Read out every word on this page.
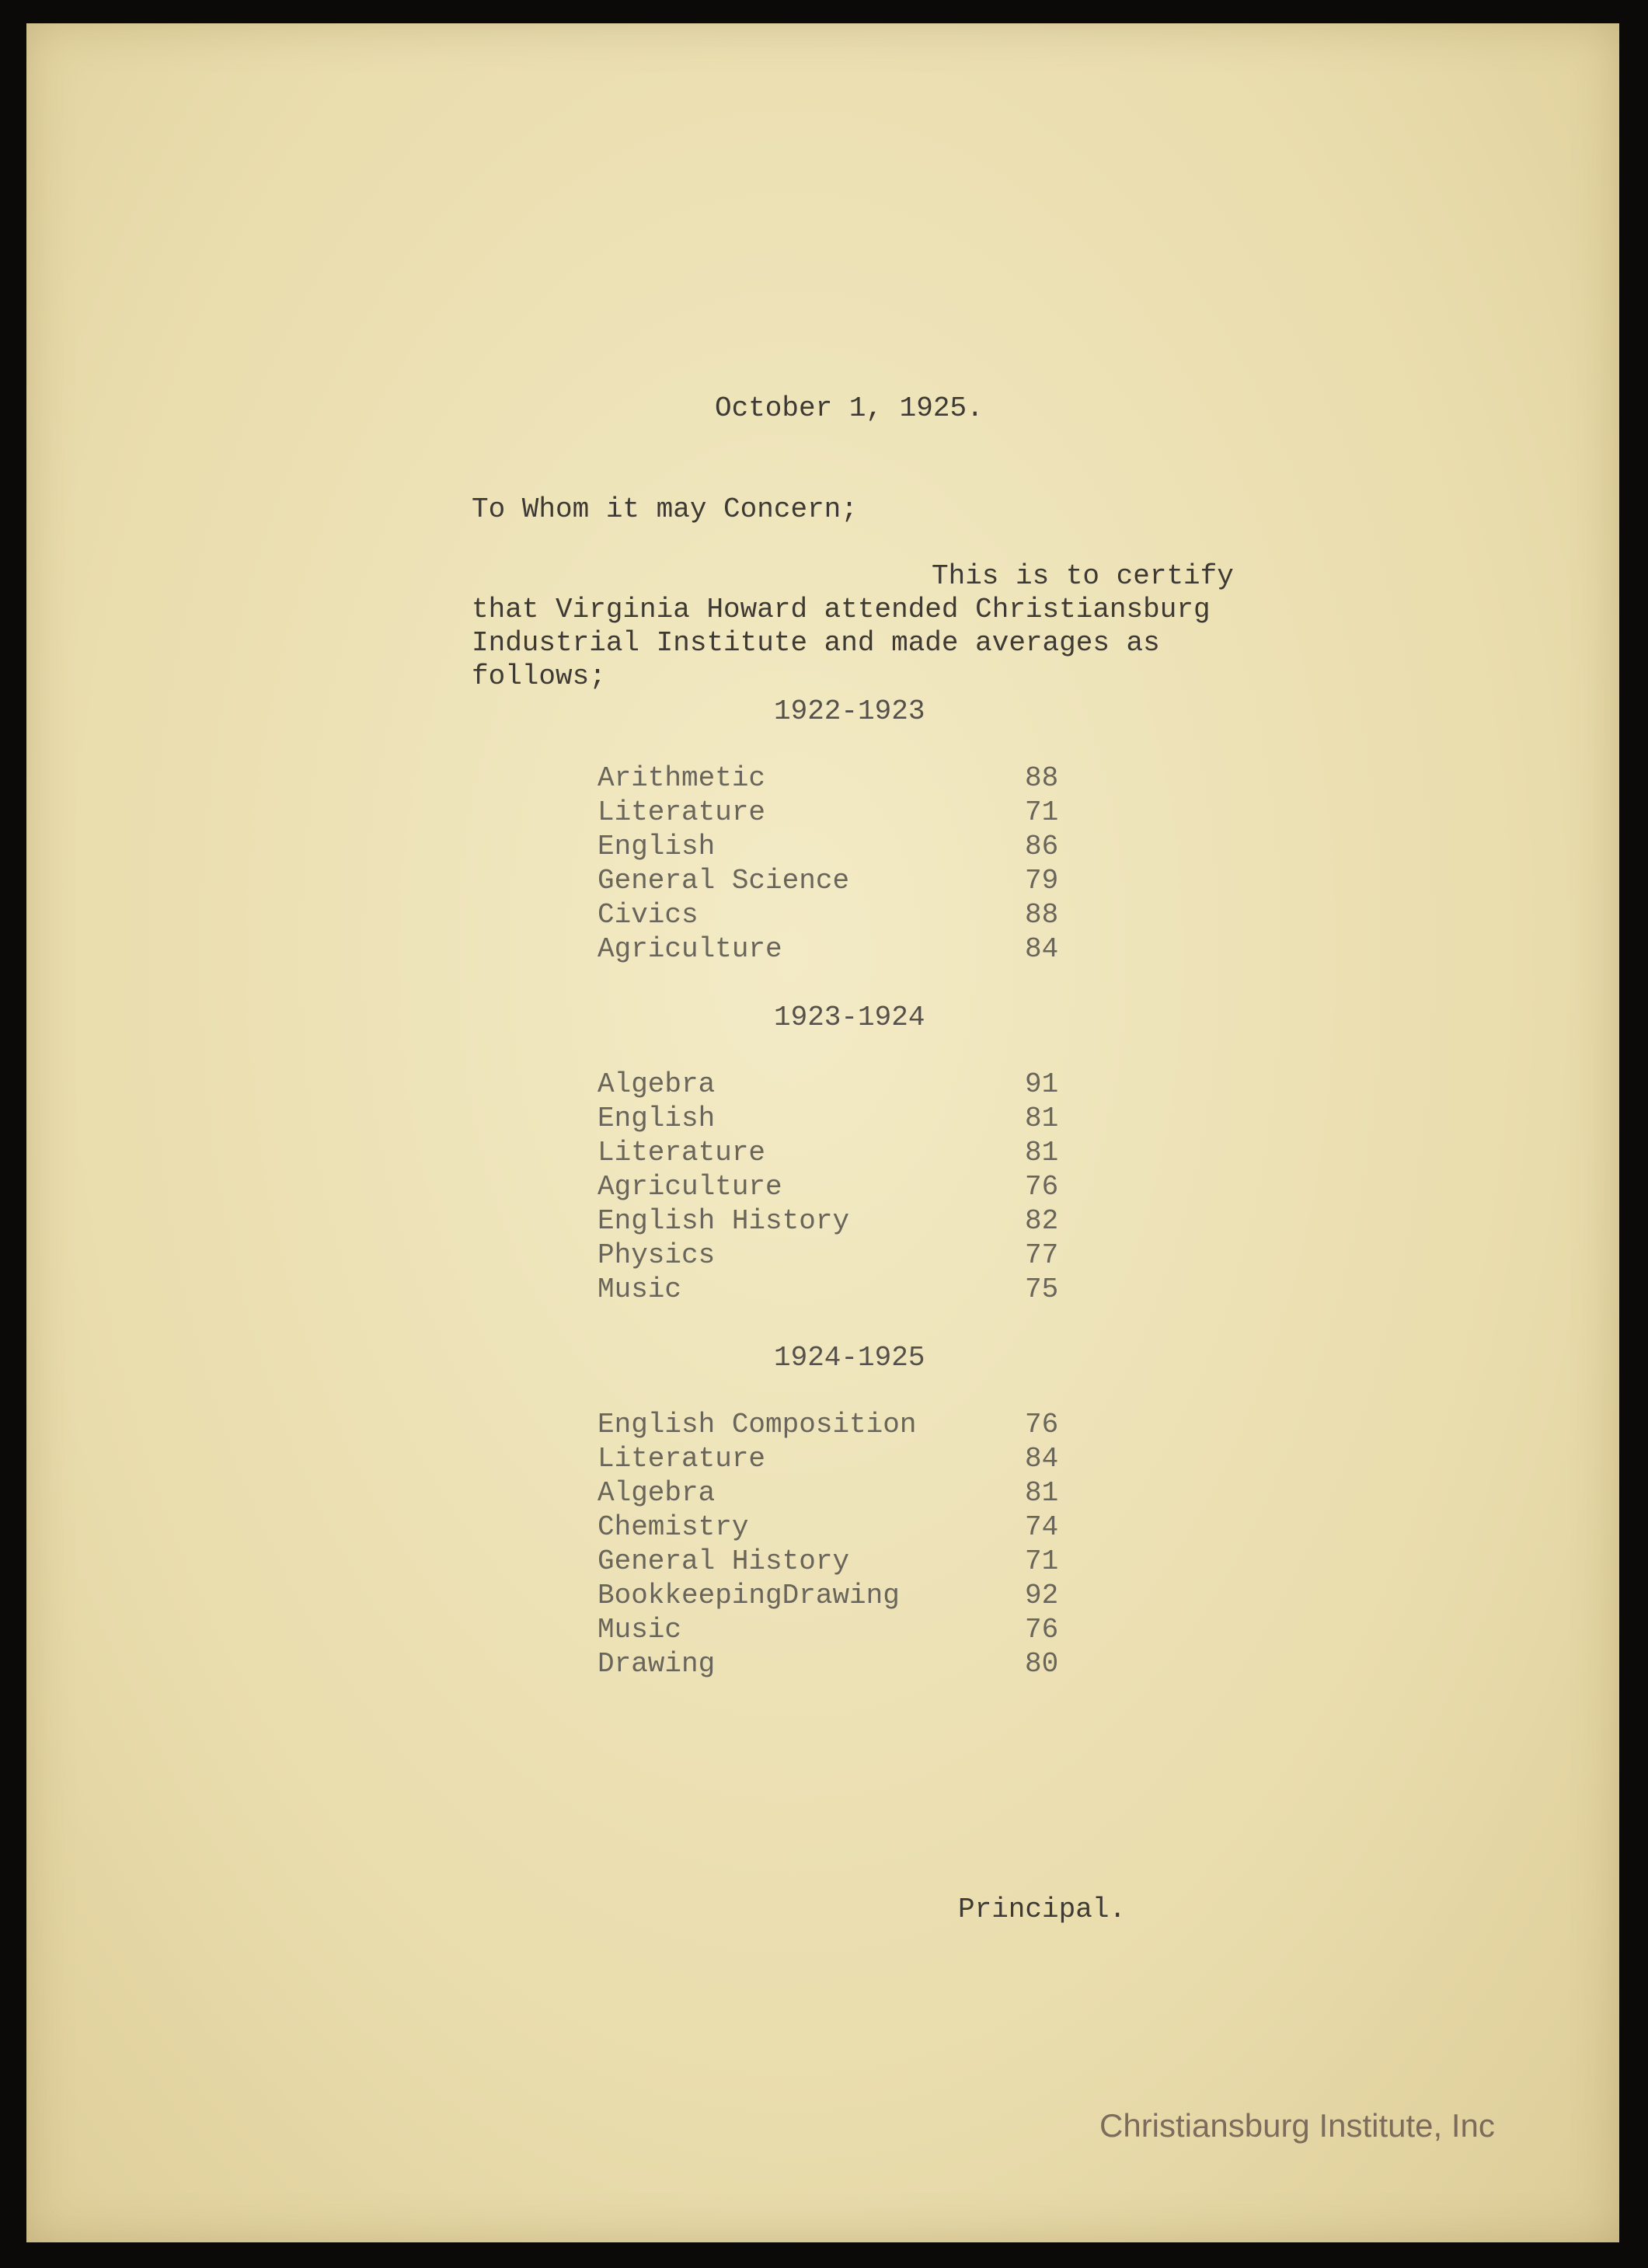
October 1, 1925.
To Whom it may Concern;
This is to certify
that Virginia Howard attended Christiansburg
Industrial Institute and made averages as
follows;
1922-1923
Arithmetic	88
Literature	71
English	86
General Science	79
Civics	88
Agriculture	84
1923-1924
Algebra	91
English	81
Literature	81
Agriculture	76
English History	82
Physics	77
Music	75
1924-1925
English Composition	76
Literature	84
Algebra	81
Chemistry	74
General History	71
BookkeepingDrawing	92
Music	76
Drawing	80
Principal.
Christiansburg Institute, Inc
